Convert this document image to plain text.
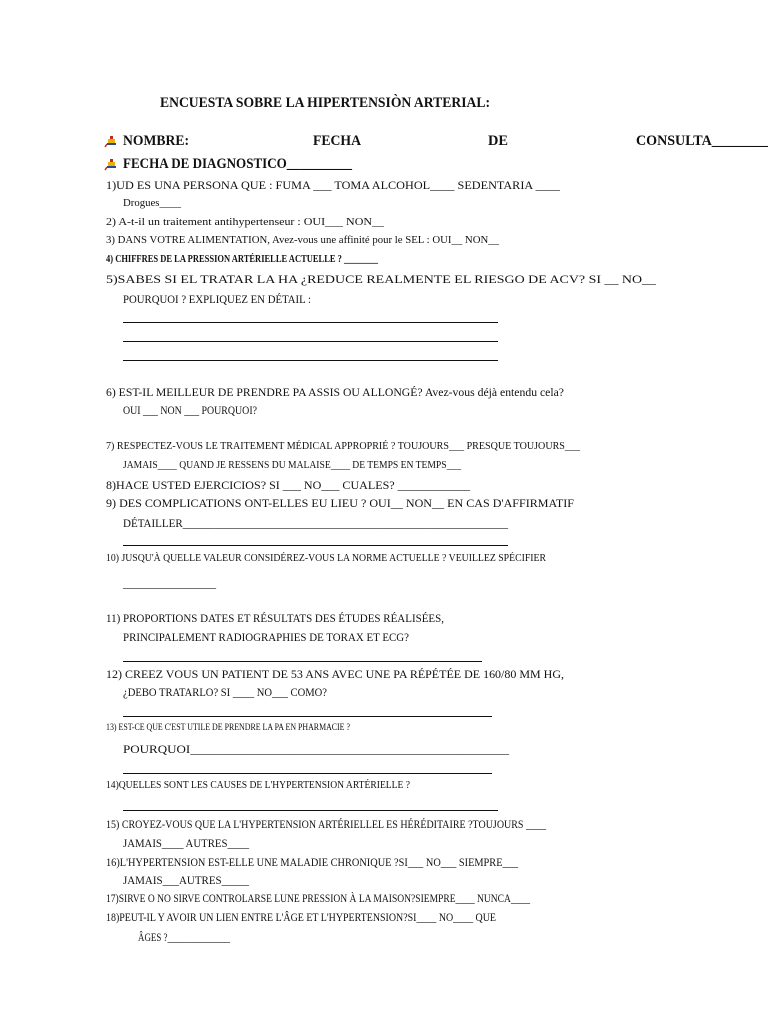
ENCUESTA SOBRE LA HIPERTENSIÒN ARTERIAL:
NOMBRE:	FECHA	DE	CONSULTA________
FECHA DE DIAGNOSTICO__________
1)UD ES UNA PERSONA QUE : FUMA ___ TOMA ALCOHOL____ SEDENTARIA ____
Drogues____
2) A-t-il un traitement antihypertenseur : OUI___ NON__
3) DANS VOTRE ALIMENTATION, Avez-vous une affinité pour le SEL : OUI__ NON__
4) CHIFFRES DE LA PRESSION ARTÉRIELLE ACTUELLE ? ________
5)SABES SI EL TRATAR LA HA ¿REDUCE REALMENTE EL RIESGO DE ACV? SI __ NO__
POURQUOI ? EXPLIQUEZ EN DÉTAIL :
6) EST-IL MEILLEUR DE PRENDRE PA ASSIS OU ALLONGÉ? Avez-vous déjà entendu cela?
OUI ___ NON ___ POURQUOI?
7) RESPECTEZ-VOUS LE TRAITEMENT MÉDICAL APPROPRIÉ ? TOUJOURS___ PRESQUE TOUJOURS___
JAMAIS____ QUAND JE RESSENS DU MALAISE____ DE TEMPS EN TEMPS___
8)HACE USTED EJERCICIOS? SI ___ NO___ CUALES? ____________
9) DES COMPLICATIONS ONT-ELLES EU LIEU ? OUI__ NON__ EN CAS D'AFFIRMATIF
DÉTAILLER___________________________________________________________
10) JUSQU'À QUELLE VALEUR CONSIDÉREZ-VOUS LA NORME ACTUELLE ? VEUILLEZ SPÉCIFIER
________________
11) PROPORTIONS DATES ET RÉSULTATS DES ÉTUDES RÉALISÉES,
PRINCIPALEMENT RADIOGRAPHIES DE TORAX ET ECG?
12) CREEZ VOUS UN PATIENT DE 53 ANS AVEC UNE PA RÉPÉTÉE DE 160/80 MM HG,
¿DEBO TRATARLO? SI ____ NO___ COMO?
13) EST-CE QUE C'EST UTILE DE PRENDRE LA PA EN PHARMACIE ?
POURQUOI_________________________________________________
14)QUELLES SONT LES CAUSES DE L'HYPERTENSION ARTÉRIELLE ?
15) CROYEZ-VOUS QUE LA L'HYPERTENSION ARTÉRIELLEL ES HÉRÉDITAIRE ?TOUJOURS ____
JAMAIS____ AUTRES____
16)L'HYPERTENSION EST-ELLE UNE MALADIE CHRONIQUE ?SI___ NO___ SIEMPRE___
JAMAIS___AUTRES_____
17)SIRVE O NO SIRVE CONTROLARSE LUNE PRESSION À LA MAISON?SIEMPRE____ NUNCA____
18)PEUT-IL Y AVOIR UN LIEN ENTRE L'ÂGE ET L'HYPERTENSION?SI____ NO____ QUE
ÂGES ?______________
